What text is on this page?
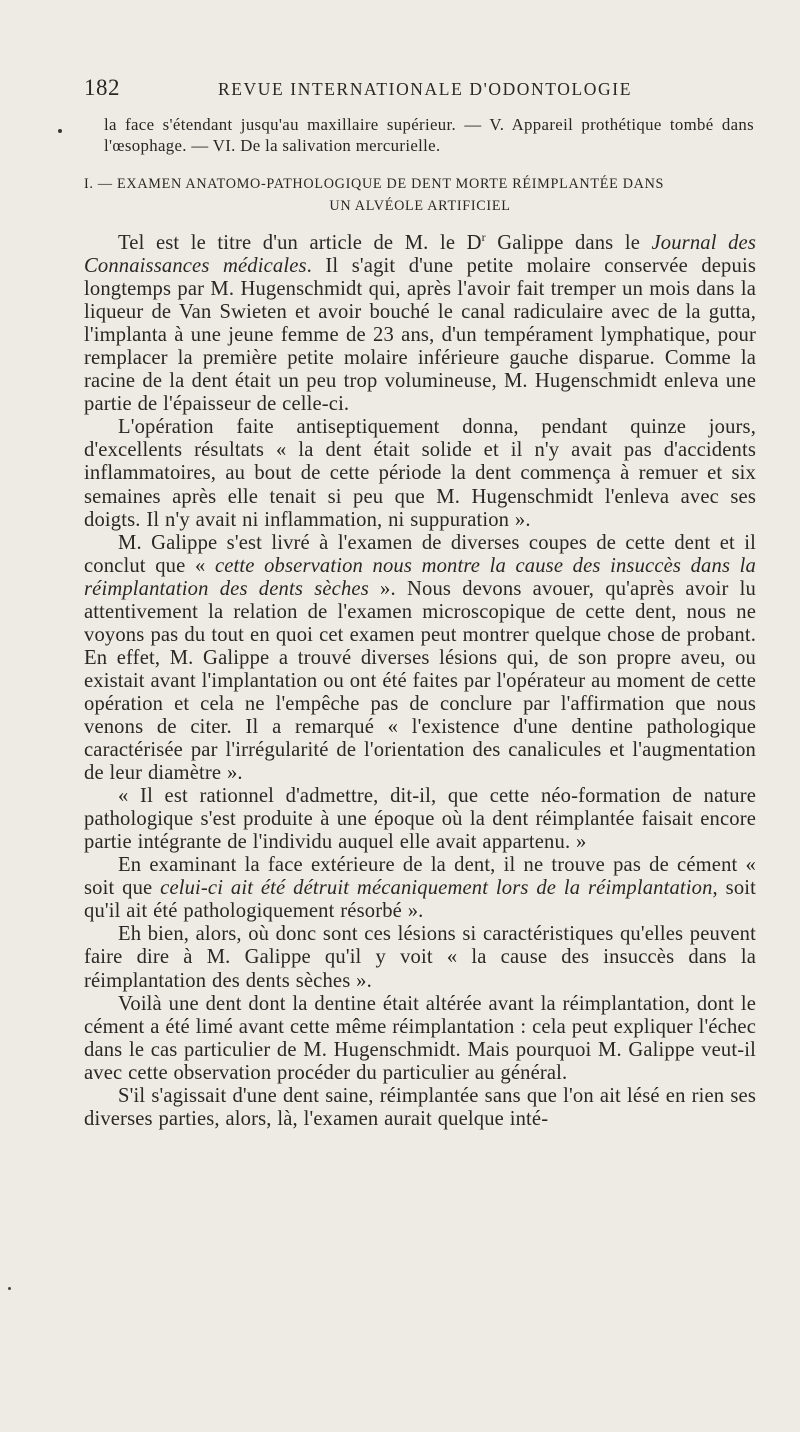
182	REVUE INTERNATIONALE D'ODONTOLOGIE
la face s'étendant jusqu'au maxillaire supérieur. — V. Appareil prothétique tombé dans l'œsophage. — VI. De la salivation mercurielle.
I. — EXAMEN ANATOMO-PATHOLOGIQUE DE DENT MORTE RÉIMPLANTÉE DANS
UN ALVÉOLE ARTIFICIEL

Tel est le titre d'un article de M. le $D^r$ Galippe dans le Journal des Connaissances médicales. Il s'agit d'une petite molaire conservée depuis longtemps par M. Hugenschmidt qui, après l'avoir fait tremper un mois dans la liqueur de Van Swieten et avoir bouché le canal radiculaire avec de la gutta, l'implanta à une jeune femme de 23 ans, d'un tempérament lymphatique, pour remplacer la première petite molaire inférieure gauche disparue. Comme la racine de la dent était un peu trop volumineuse, M. Hugenschmidt enleva une partie de l'épaisseur de celle-ci.

L'opération faite antiseptiquement donna, pendant quinze jours, d'excellents résultats « la dent était solide et il n'y avait pas d'accidents inflammatoires, au bout de cette période la dent commença à remuer et six semaines après elle tenait si peu que M. Hugenschmidt l'enleva avec ses doigts. Il n'y avait ni inflammation, ni suppuration ».

M. Galippe s'est livré à l'examen de diverses coupes de cette dent et il conclut que « cette observation nous montre la cause des insuccès dans la réimplantation des dents sèches ». Nous devons avouer, qu'après avoir lu attentivement la relation de l'examen microscopique de cette dent, nous ne voyons pas du tout en quoi cet examen peut montrer quelque chose de probant. En effet, M. Galippe a trouvé diverses lésions qui, de son propre aveu, ou existait avant l'implantation ou ont été faites par l'opérateur au moment de cette opération et cela ne l'empêche pas de conclure par l'affirmation que nous venons de citer. Il a remarqué « l'existence d'une dentine pathologique caractérisée par l'irrégularité de l'orientation des canalicules et l'augmentation de leur diamètre ».

« Il est rationnel d'admettre, dit-il, que cette néo-formation de nature pathologique s'est produite à une époque où la dent réimplantée faisait encore partie intégrante de l'individu auquel elle avait appartenu. »

En examinant la face extérieure de la dent, il ne trouve pas de cément « soit que celui-ci ait été détruit mécaniquement lors de la réimplantation, soit qu'il ait été pathologiquement résorbé ».

Eh bien, alors, où donc sont ces lésions si caractéristiques qu'elles peuvent faire dire à M. Galippe qu'il y voit « la cause des insuccès dans la réimplantation des dents sèches ».

Voilà une dent dont la dentine était altérée avant la réimplantation, dont le cément a été limé avant cette même réimplantation : cela peut expliquer l'échec dans le cas particulier de M. Hugenschmidt. Mais pourquoi M. Galippe veut-il avec cette observation procéder du particulier au général.

S'il s'agissait d'une dent saine, réimplantée sans que l'on ait lésé en rien ses diverses parties, alors, là, l'examen aurait quelque inté-
